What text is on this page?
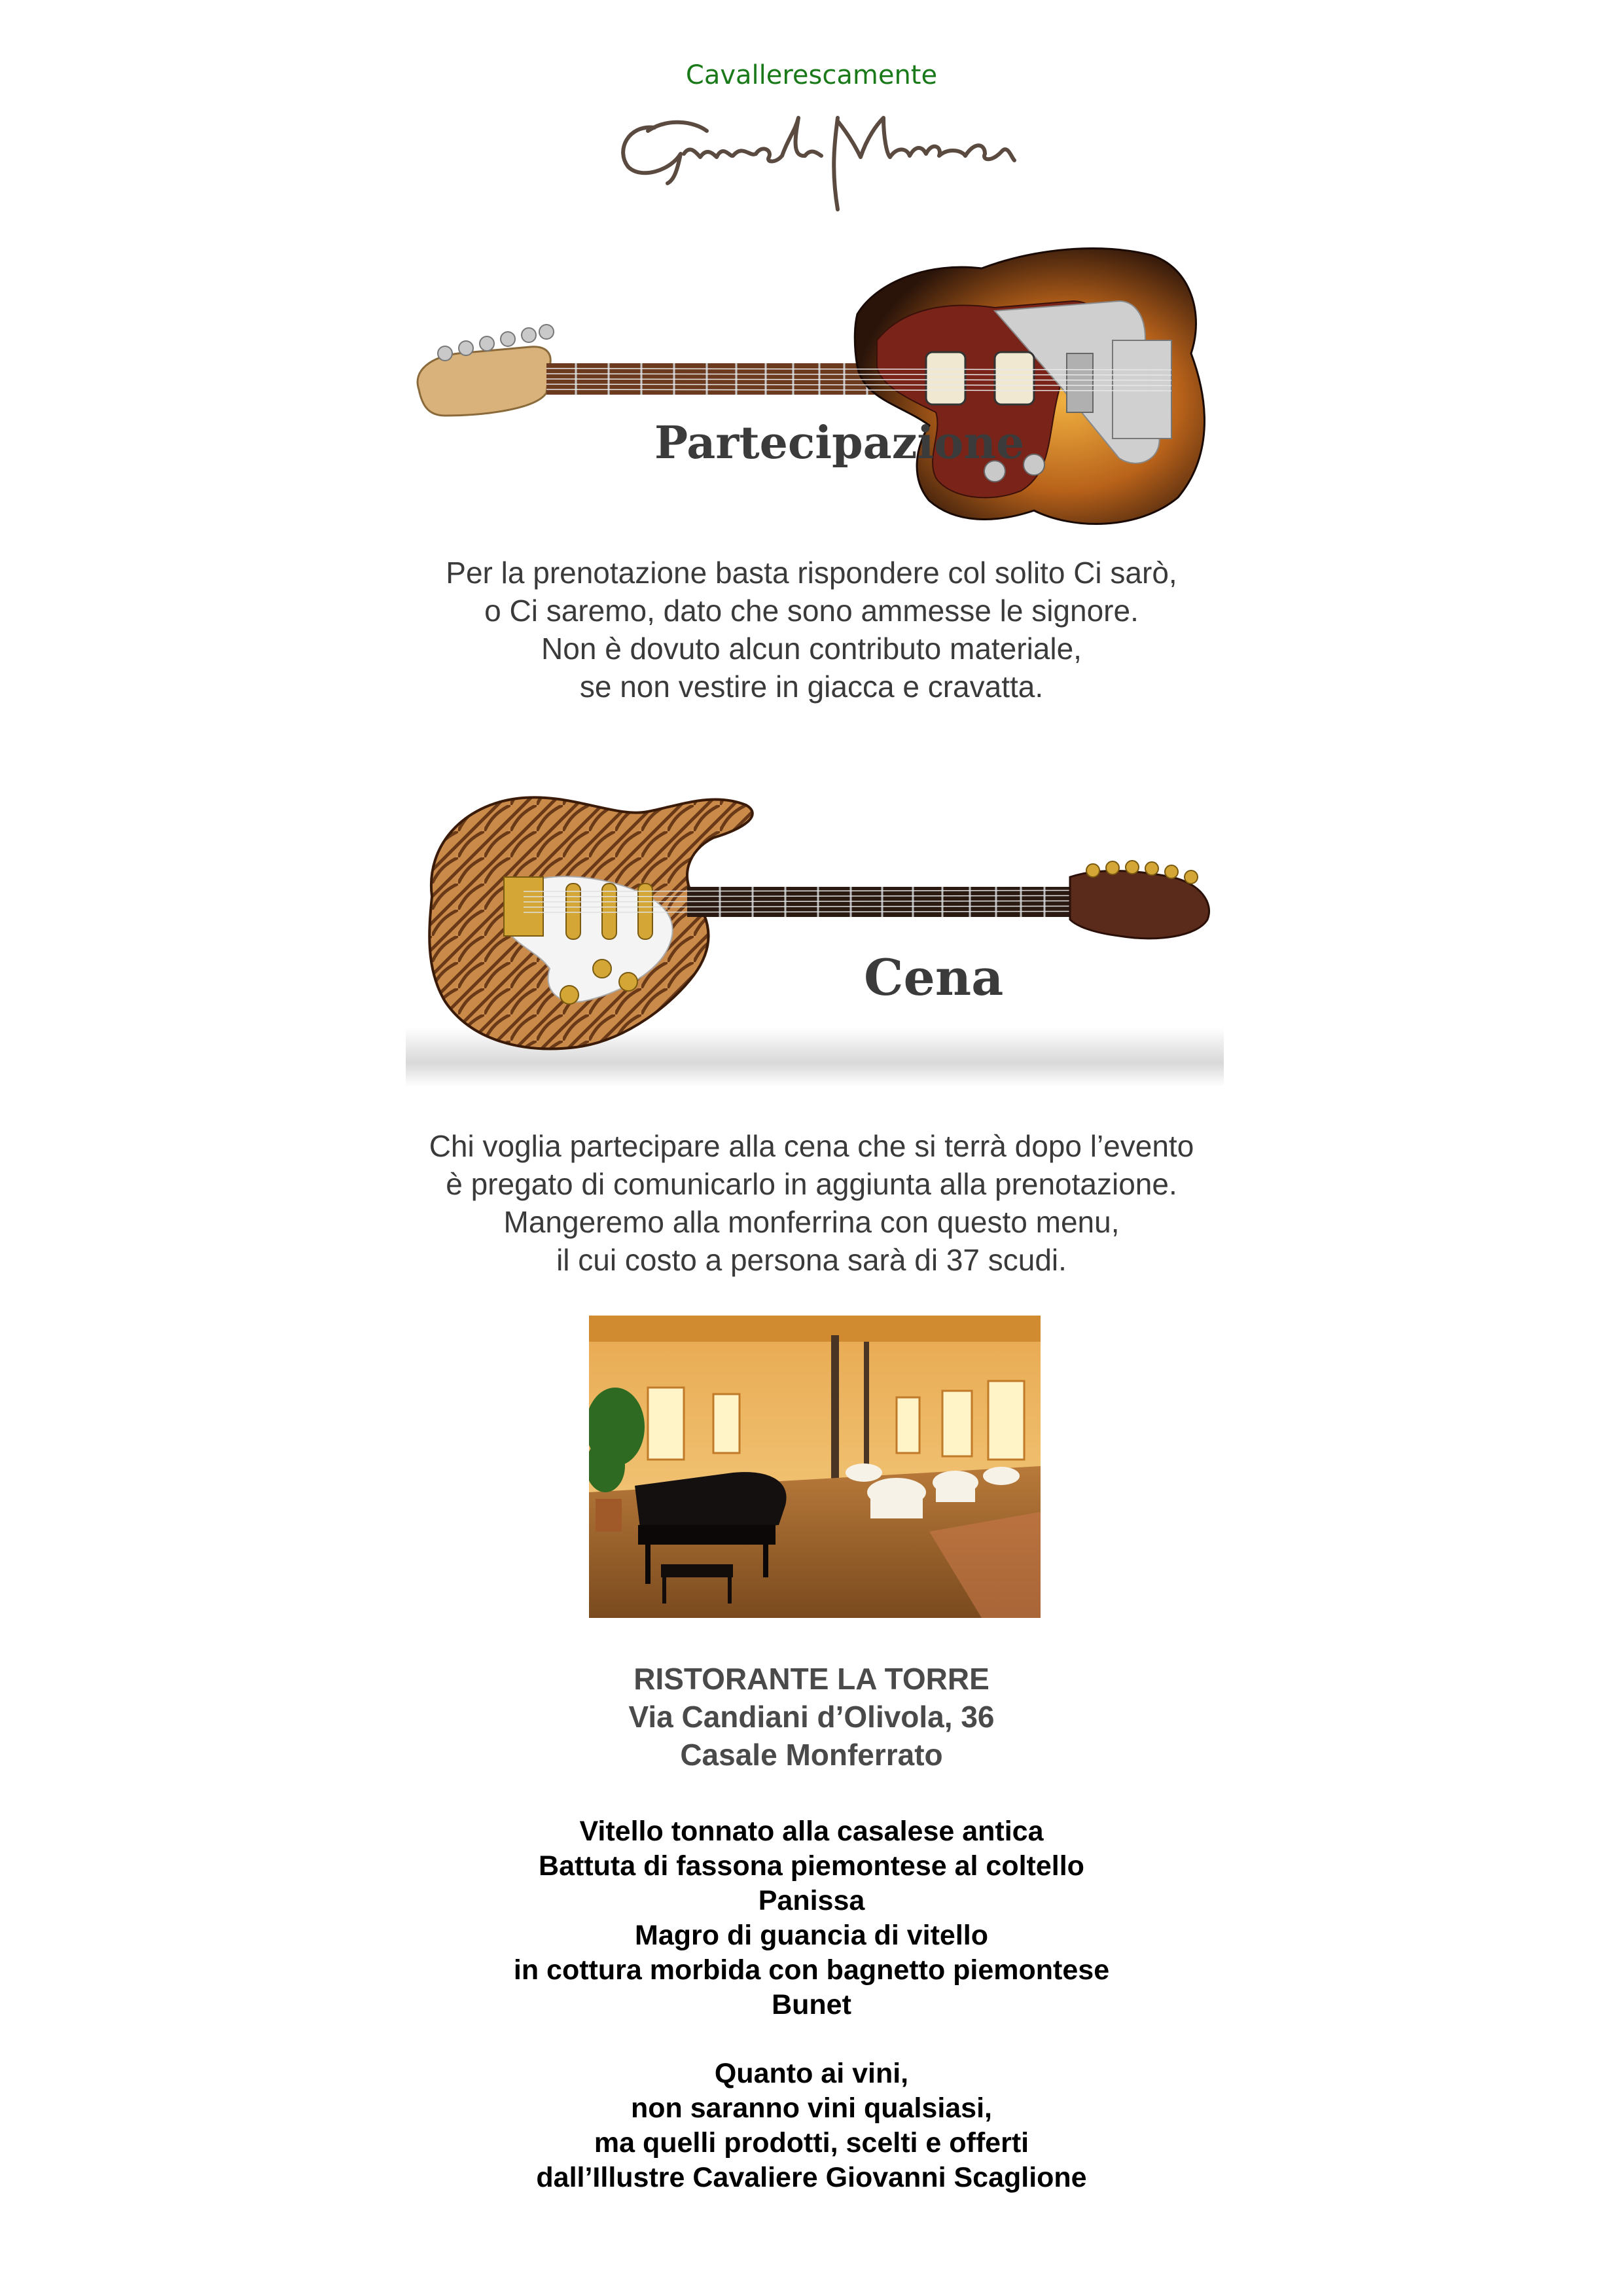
Cavallerescamente
Partecipazione
Per la prenotazione basta rispondere col solito Ci sarò,
o Ci saremo, dato che sono ammesse le signore.
Non è dovuto alcun contributo materiale,
se non vestire in giacca e cravatta.
Cena
Chi voglia partecipare alla cena che si terrà dopo l’evento
è pregato di comunicarlo in aggiunta alla prenotazione.
Mangeremo alla monferrina con questo menu,
il cui costo a persona sarà di 37 scudi.
RISTORANTE LA TORRE
Via Candiani d’Olivola, 36
Casale Monferrato
Vitello tonnato alla casalese antica
Battuta di fassona piemontese al coltello
Panissa
Magro di guancia di vitello
in cottura morbida con bagnetto piemontese
Bunet
Quanto ai vini,
non saranno vini qualsiasi,
ma quelli prodotti, scelti e offerti
dall’Illustre Cavaliere Giovanni Scaglione
